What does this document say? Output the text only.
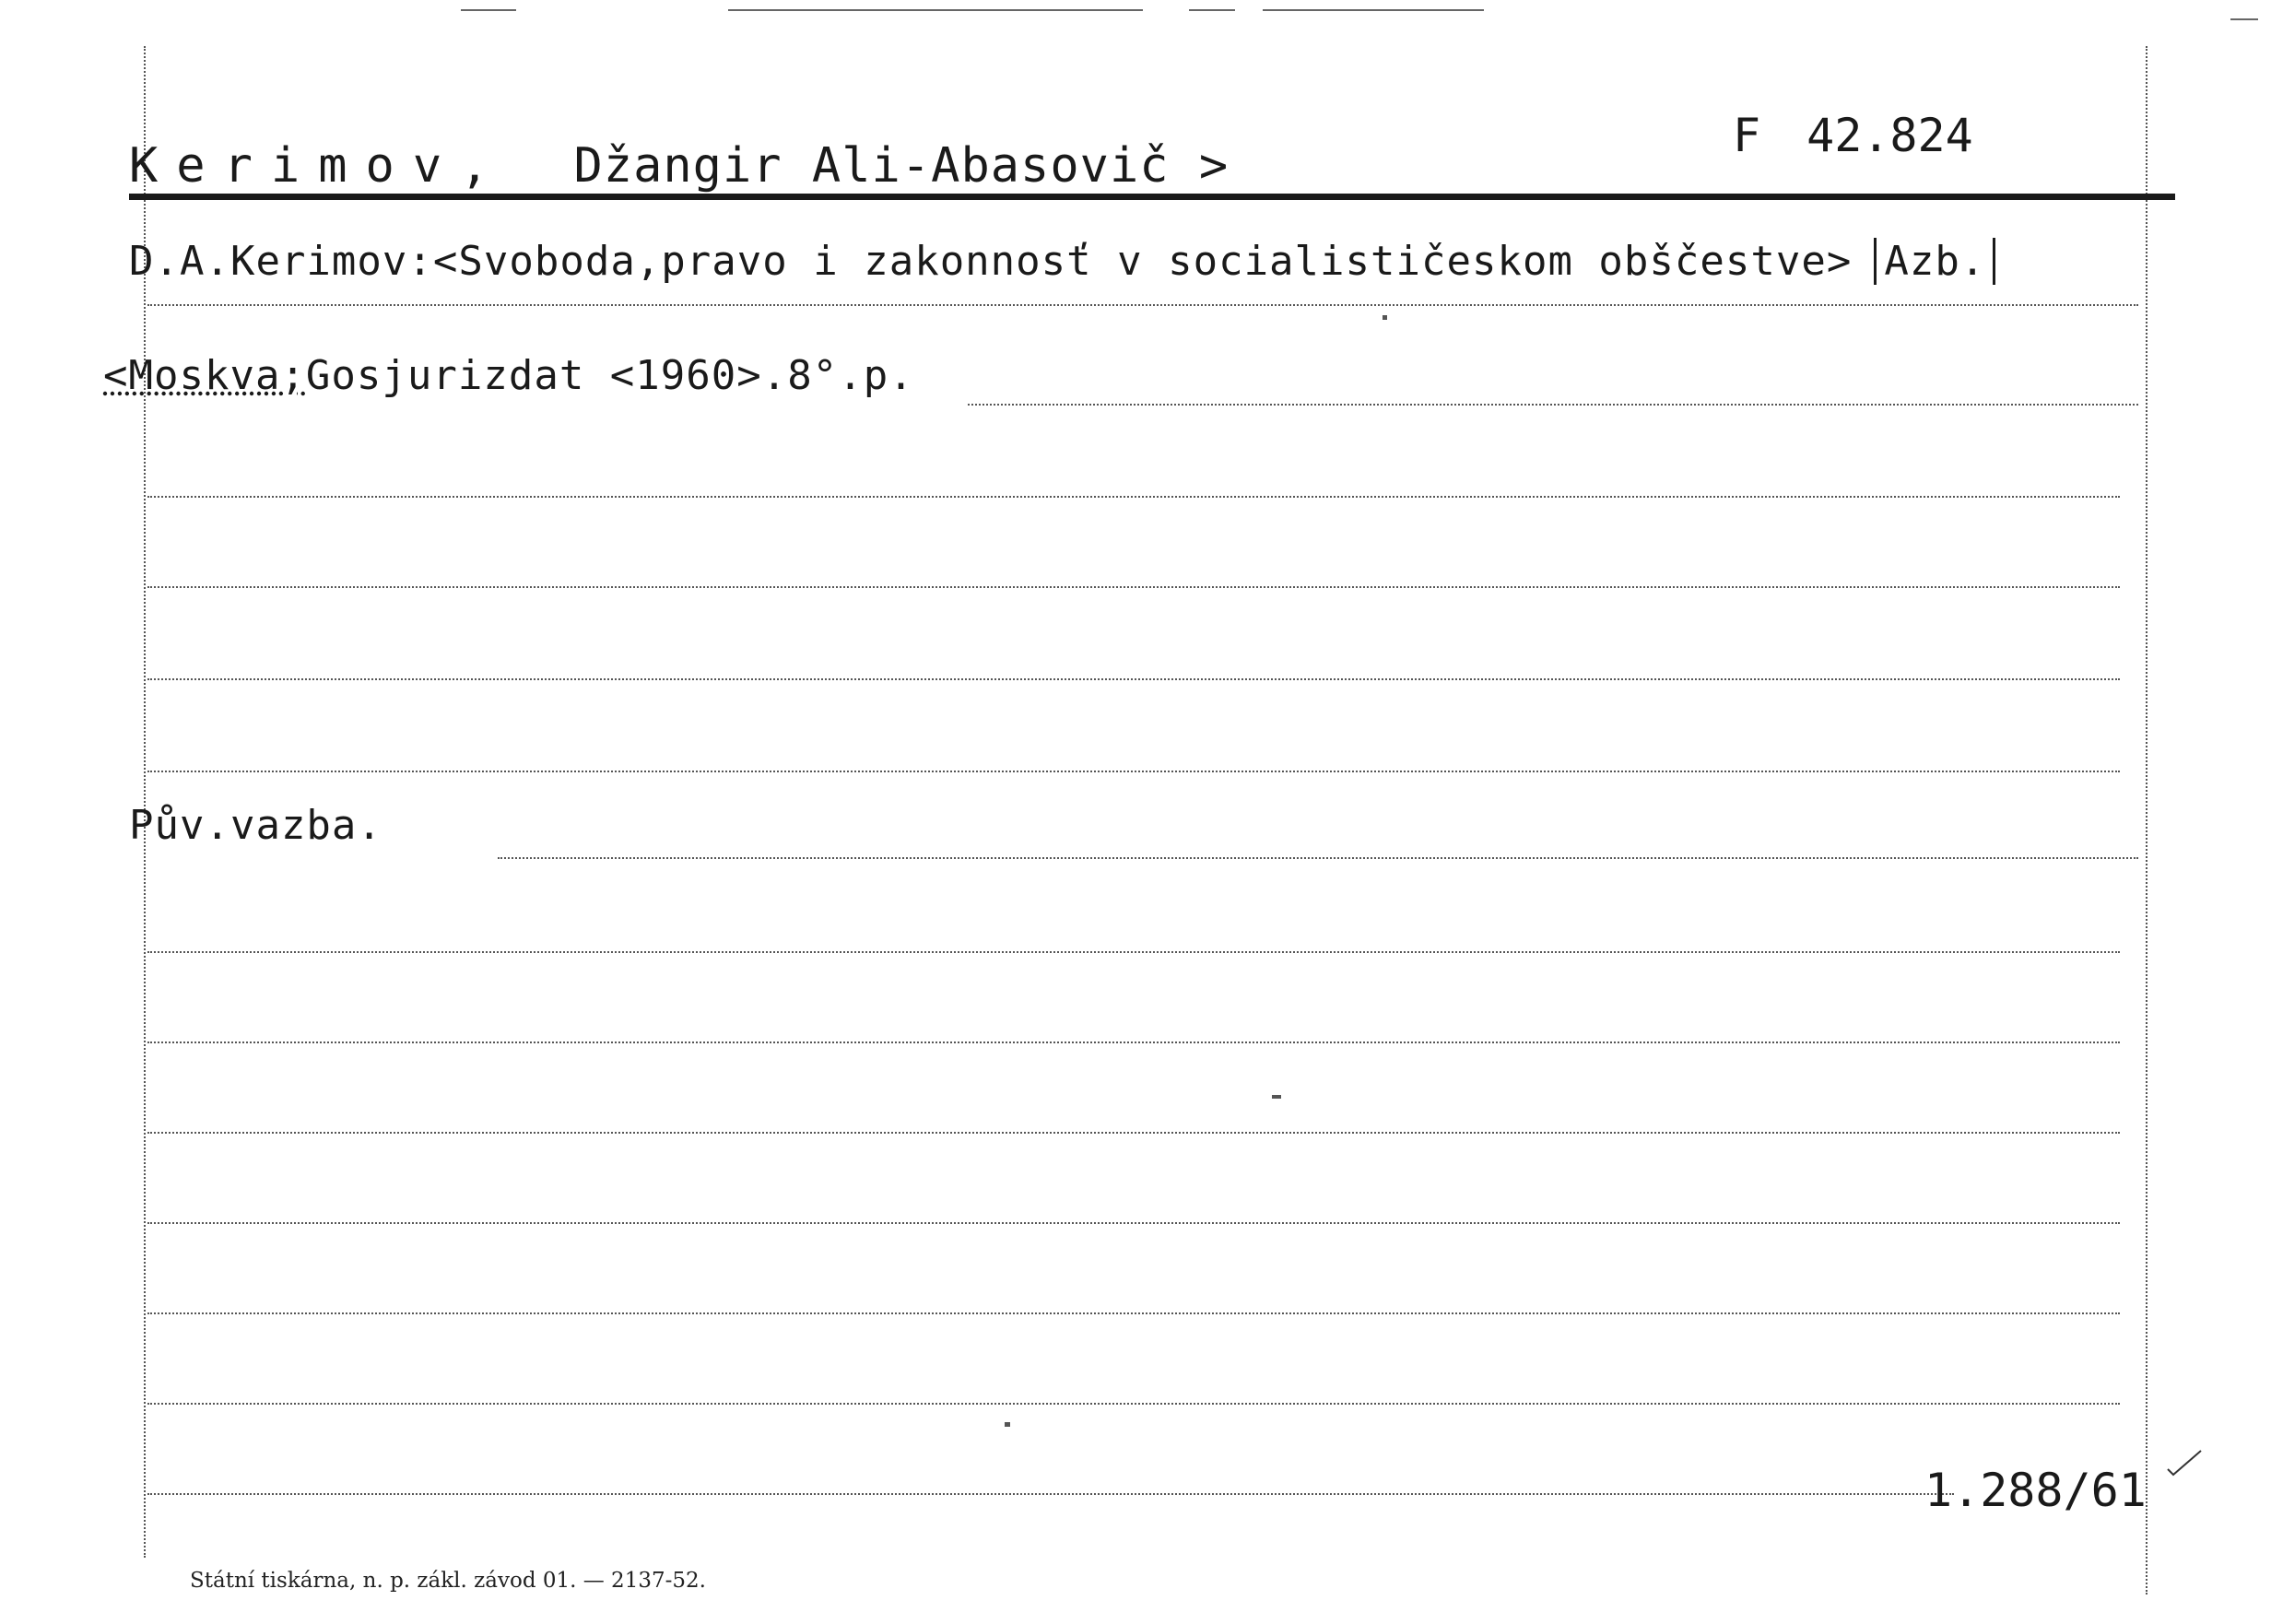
Kerimov, Džangir Ali-Abasovič >
F 42.824
D.A.Kerimov:<Svoboda,pravo i zakonnosť v socialističeskom obščestve> Azb.
<Moskva;Gosjurizdat <1960>.8°.p.
Pův.vazba.
1.288/61
Státní tiskárna, n. p. zákl. závod 01. — 2137-52.
